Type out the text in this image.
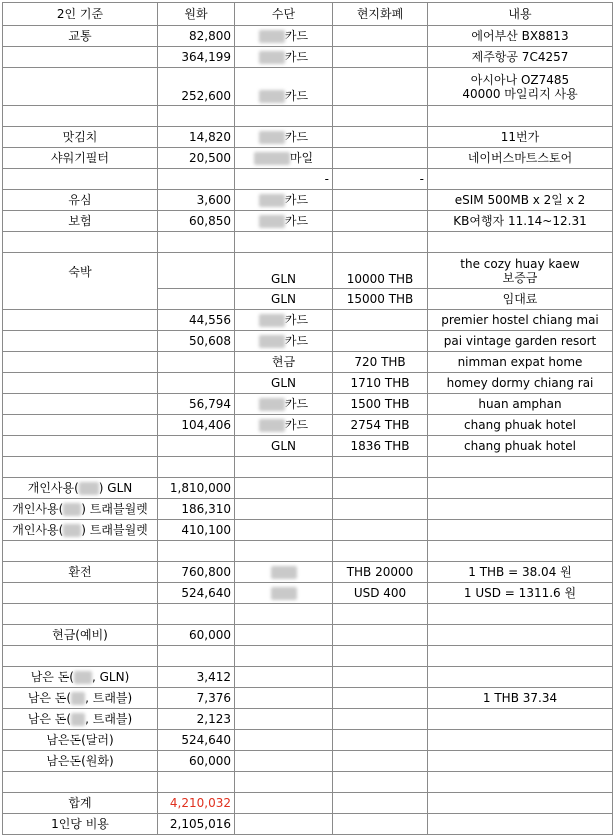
2인 기준	원화	수단	현지화폐	내용
교통	82,800	카드		에어부산 BX8813
	364,199	카드		제주항공 7C4257
	252,600	카드		아시아나 OZ7485
40000 마일리지 사용

맛김치	14,820	카드		11번가
샤워기필터	20,500	마일		네이버스마트스토어
		-	-	
유심	3,600	카드		eSIM 500MB x 2일 x 2
보험	60,850	카드		KB여행자 11.14~12.31

숙박		GLN	10000 THB	the cozy huay kaew
보증금

		GLN	15000 THB	임대료
	44,556	카드		premier hostel chiang mai
	50,608	카드		pai vintage garden resort
		현금	720 THB	nimman expat home
		GLN	1710 THB	homey dormy chiang rai
	56,794	카드	1500 THB	huan amphan
	104,406	카드	2754 THB	chang phuak hotel
		GLN	1836 THB	chang phuak hotel

개인사용( ) GLN	1,810,000			
개인사용( ) 트래블월렛	186,310			
개인사용( ) 트래블월렛	410,100			

환전	760,800		THB 20000	1 THB = 38.04 원
	524,640		USD 400	1 USD = 1311.6 원

현금(예비)	60,000			

남은 돈( , GLN)	3,412			
남은 돈( , 트래블)	7,376			1 THB 37.34
남은 돈( , 트래블)	2,123			
남은돈(달러)	524,640			
남은돈(원화)	60,000			

합계	4,210,032			
1인당 비용	2,105,016			
